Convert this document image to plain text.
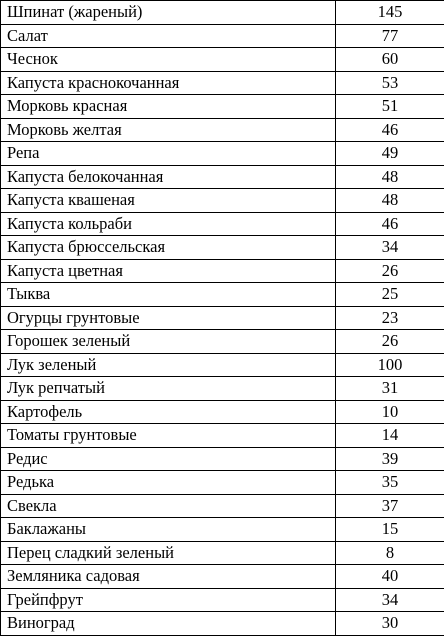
Шпинат (жареный)	145
Салат	77
Чеснок	60
Капуста краснокочанная	53
Морковь красная	51
Морковь желтая	46
Репа	49
Капуста белокочанная	48
Капуста квашеная	48
Капуста кольраби	46
Капуста брюссельская	34
Капуста цветная	26
Тыква	25
Огурцы грунтовые	23
Горошек зеленый	26
Лук зеленый	100
Лук репчатый	31
Картофель	10
Томаты грунтовые	14
Редис	39
Редька	35
Свекла	37
Баклажаны	15
Перец сладкий зеленый	8
Земляника садовая	40
Грейпфрут	34
Виноград	30
